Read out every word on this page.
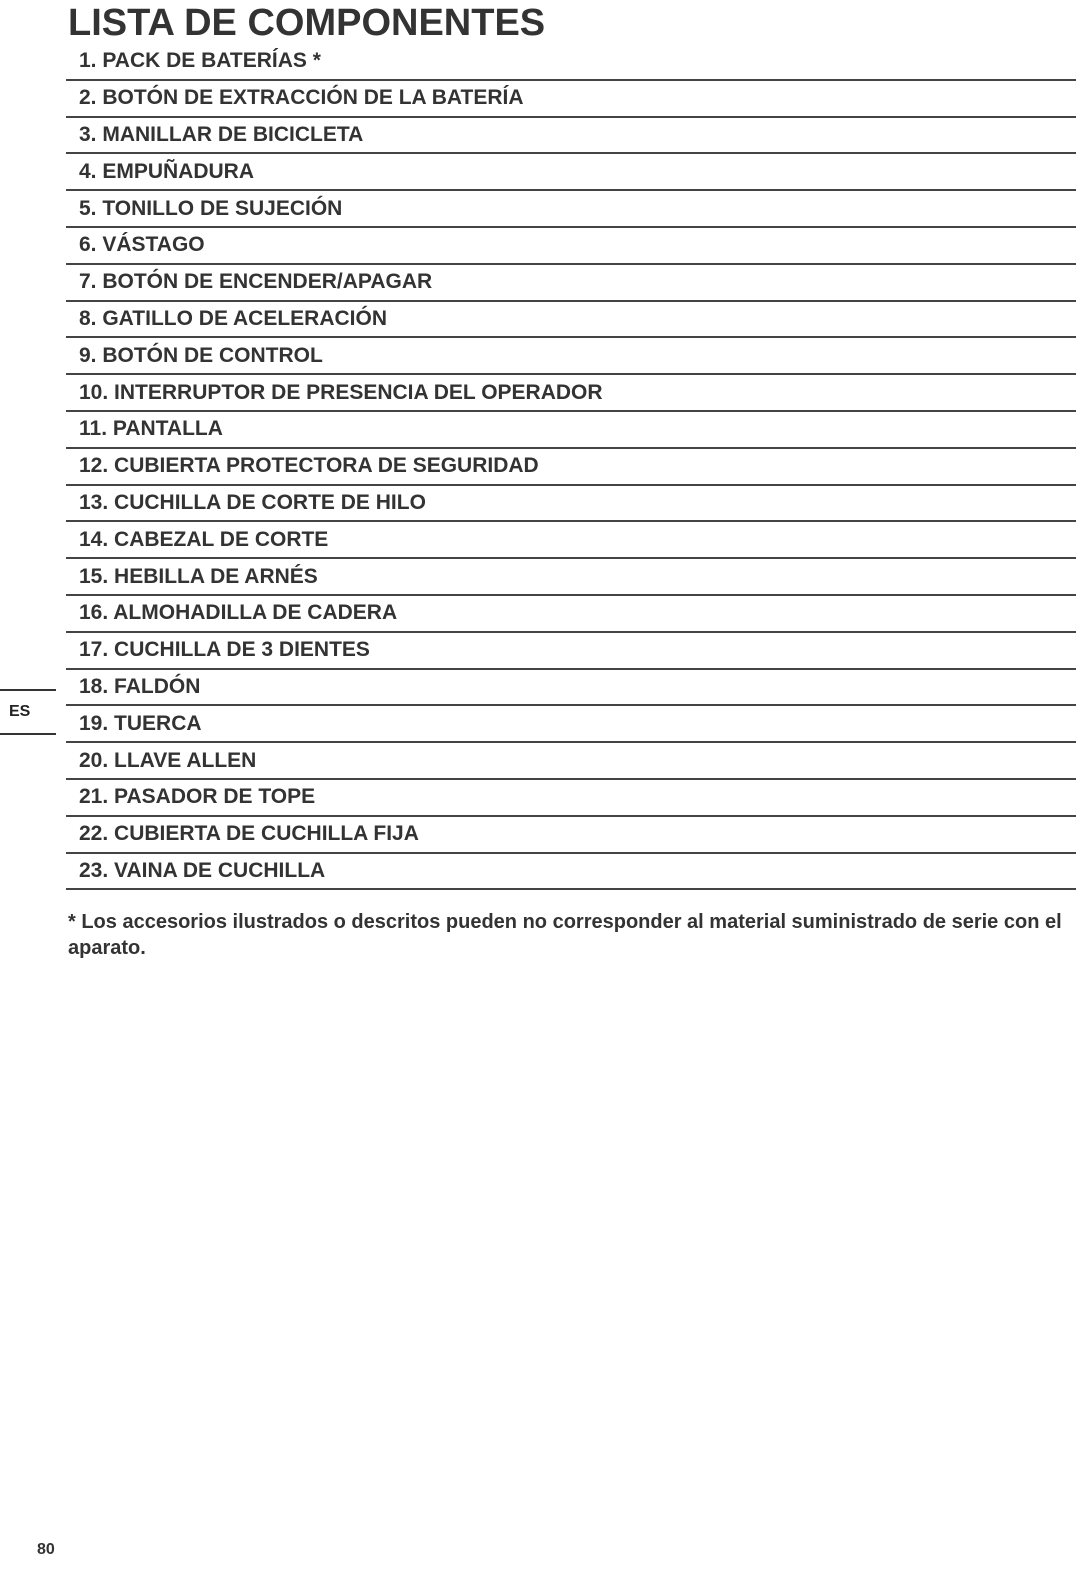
LISTA DE COMPONENTES
1. PACK DE BATERÍAS *
2. BOTÓN DE EXTRACCIÓN DE LA BATERÍA
3. MANILLAR DE BICICLETA
4. EMPUÑADURA
5. TONILLO DE SUJECIÓN
6. VÁSTAGO
7. BOTÓN DE ENCENDER/APAGAR
8. GATILLO DE ACELERACIÓN
9. BOTÓN DE CONTROL
10. INTERRUPTOR DE PRESENCIA DEL OPERADOR
11. PANTALLA
12. CUBIERTA PROTECTORA DE SEGURIDAD
13. CUCHILLA DE CORTE DE HILO
14. CABEZAL DE CORTE
15. HEBILLA DE ARNÉS
16. ALMOHADILLA DE CADERA
17. CUCHILLA DE 3 DIENTES
18. FALDÓN
19. TUERCA
20. LLAVE ALLEN
21. PASADOR DE TOPE
22. CUBIERTA DE CUCHILLA FIJA
23. VAINA DE CUCHILLA
* Los accesorios ilustrados o descritos pueden no corresponder al material suministrado de serie con el aparato.
ES
80
